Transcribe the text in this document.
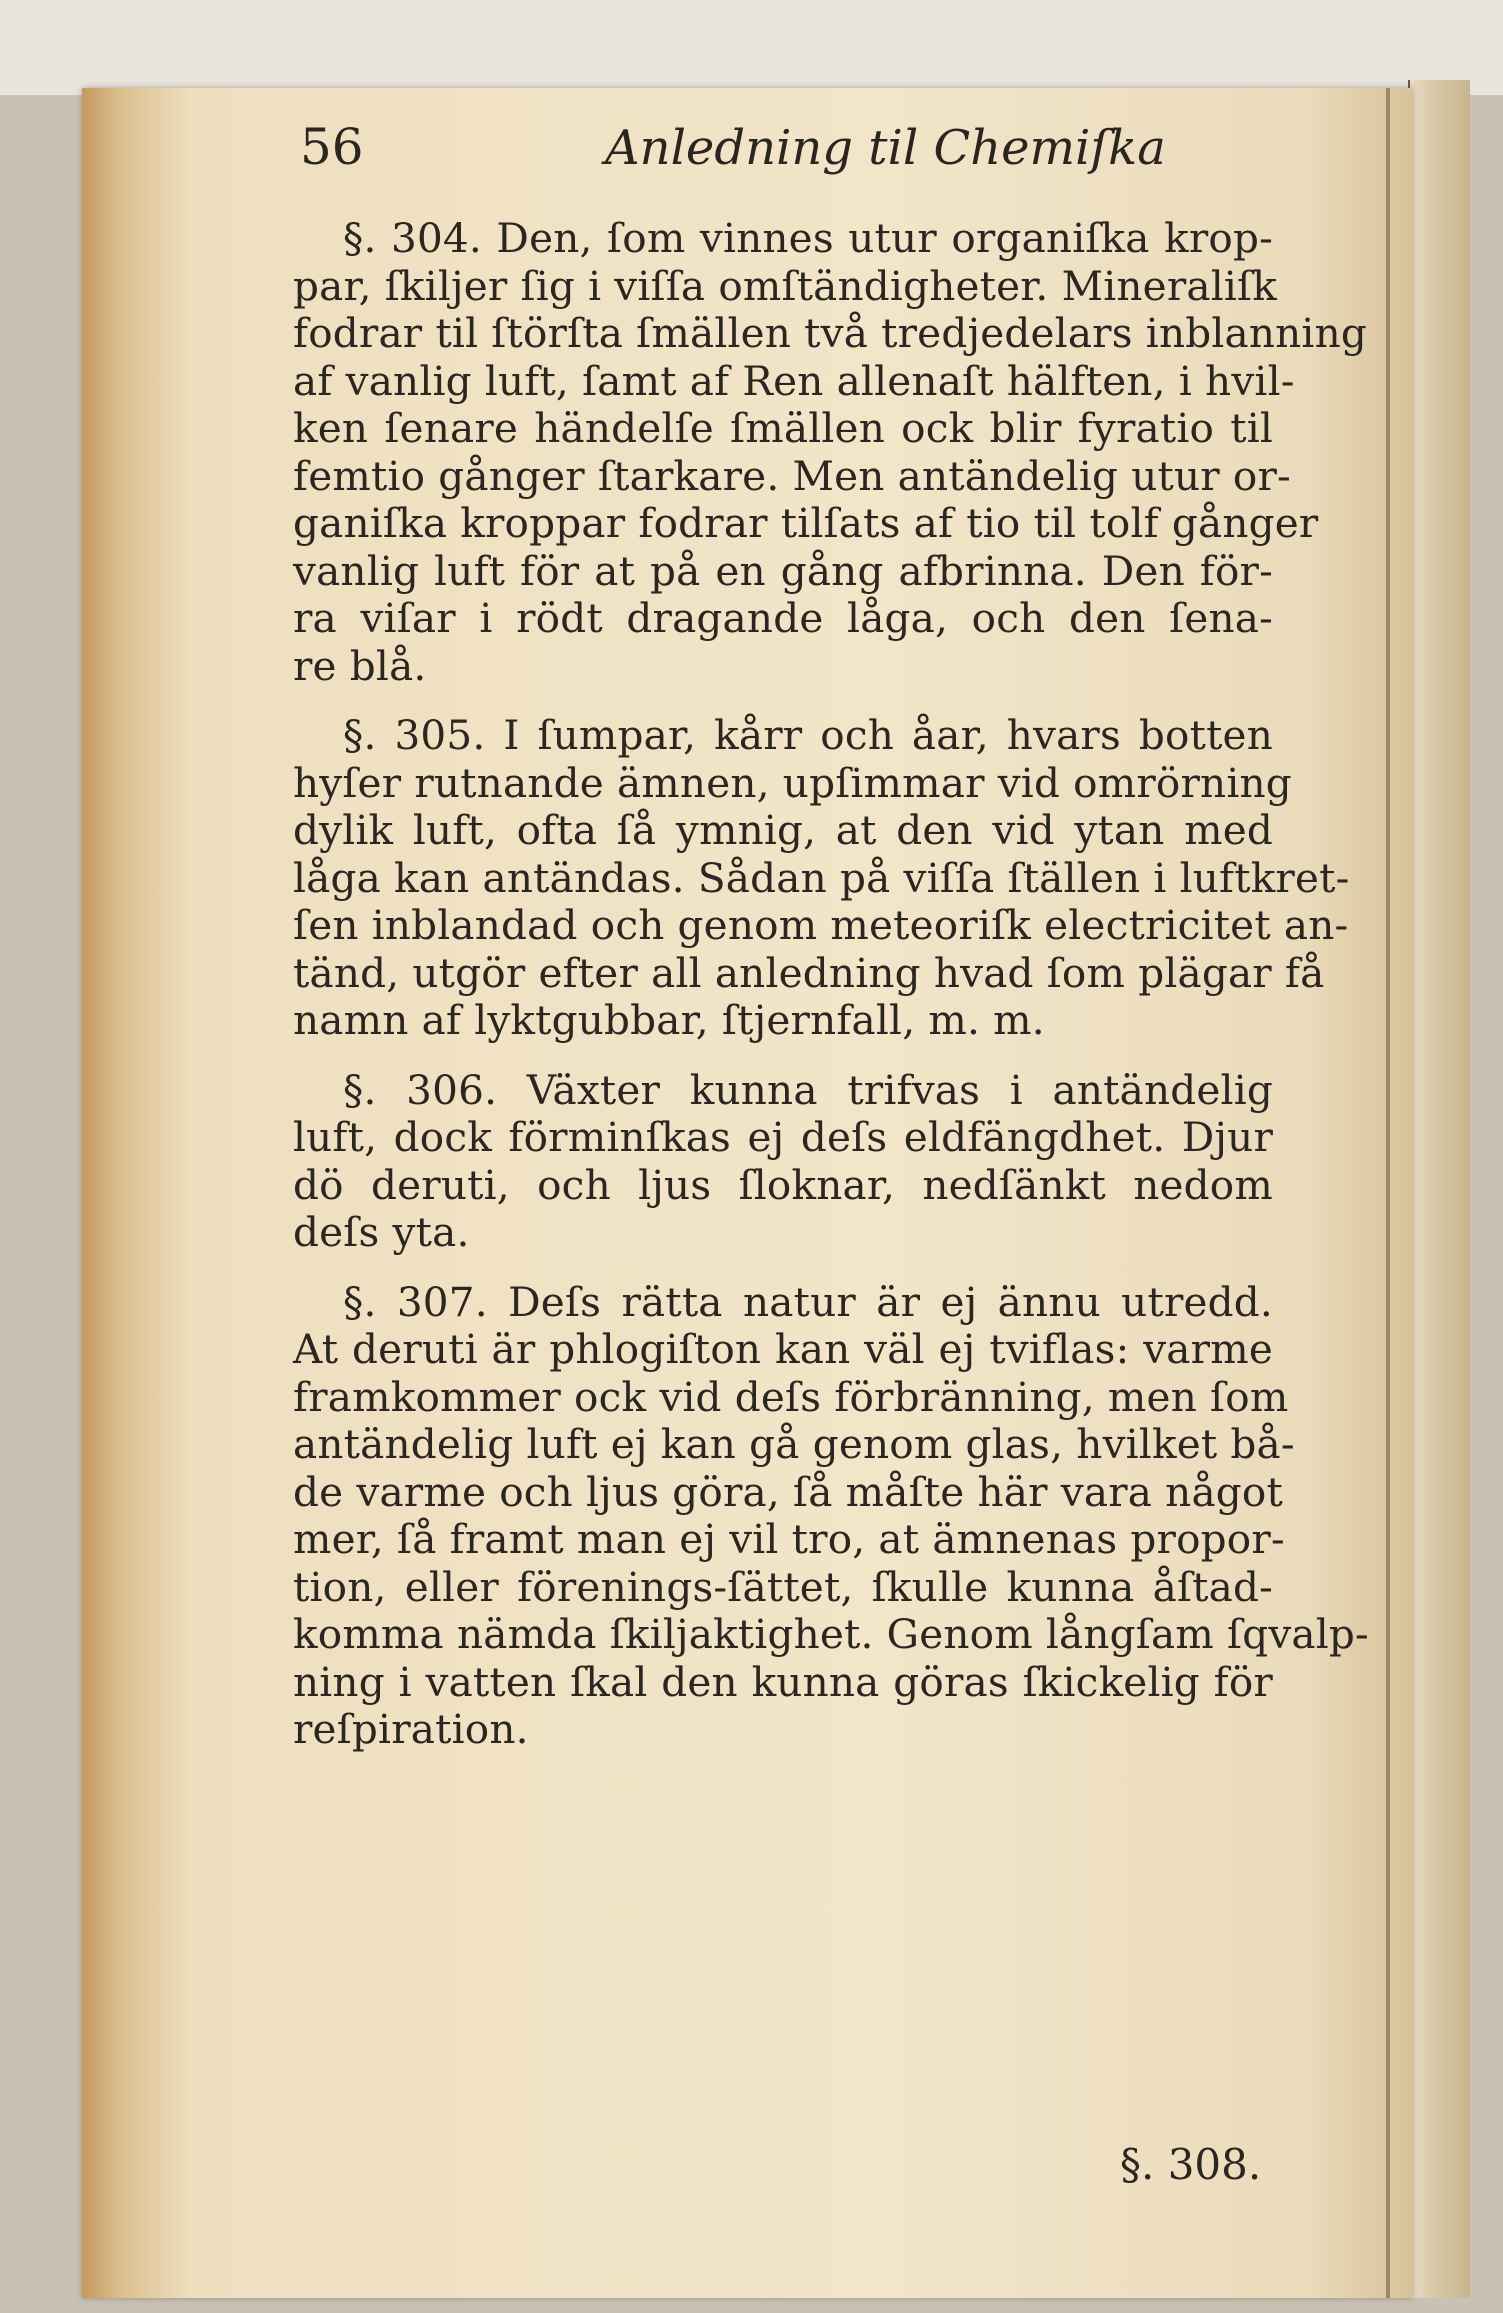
56	Anledning til Chemiſka
§. 304. Den, ſom vinnes utur organiſka krop-
par, ſkiljer ſig i viſſa omſtändigheter. Mineraliſk
fodrar til ſtörſta ſmällen två tredjedelars inblanning
af vanlig luft, ſamt af Ren allenaſt hälften, i hvil-
ken ſenare händelſe ſmällen ock blir fyratio til
femtio gånger ſtarkare. Men antändelig utur or-
ganiſka kroppar fodrar tilſats af tio til tolf gånger
vanlig luft för at på en gång afbrinna. Den för-
ra viſar i rödt dragande låga, och den ſena-
re blå.
§. 305. I ſumpar, kårr och åar, hvars botten
hyſer rutnande ämnen, upſimmar vid omrörning
dylik luft, ofta ſå ymnig, at den vid ytan med
låga kan antändas. Sådan på viſſa ſtällen i luftkret-
ſen inblandad och genom meteoriſk electricitet an-
tänd, utgör efter all anledning hvad ſom plägar få
namn af lyktgubbar, ſtjernfall, m. m.
§. 306. Växter kunna trifvas i antändelig
luft, dock förminſkas ej deſs eldfängdhet. Djur
dö deruti, och ljus ſloknar, nedſänkt nedom
deſs yta.
§. 307. Deſs rätta natur är ej ännu utredd.
At deruti är phlogiſton kan väl ej tviflas: varme
framkommer ock vid deſs förbränning, men ſom
antändelig luft ej kan gå genom glas, hvilket bå-
de varme och ljus göra, ſå måſte här vara något
mer, ſå framt man ej vil tro, at ämnenas propor-
tion, eller förenings-ſättet, ſkulle kunna åſtad-
komma nämda ſkiljaktighet. Genom långſam ſqvalp-
ning i vatten ſkal den kunna göras ſkickelig för
reſpiration.
§. 308.
